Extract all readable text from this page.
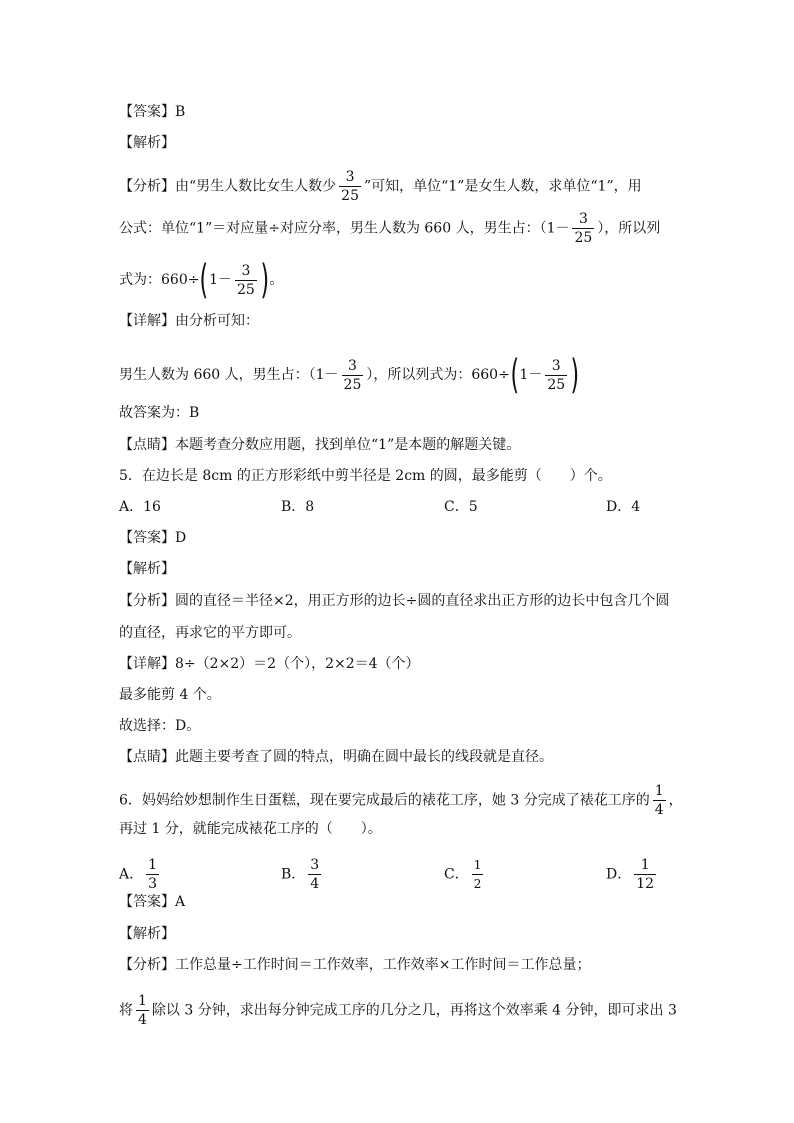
【答案】B
【解析】
【分析】由“男生人数比女生人数少 $\frac{3}{25}$ ”可知，单位“1”是女生人数，求单位“1”，用
公式：单位“1”＝对应量÷对应分率，男生人数为 660 人，男生占：（$1- \frac{3}{25}$ ），所以列
式为：$660\div(1- \frac{3}{25}$ )。
【详解】由分析可知：
男生人数为 660 人，男生占：（$1- \frac{3}{25}$ ），所以列式为：$660\div(1- \frac{3}{25}$ )
故答案为：B
【点睛】本题考查分数应用题，找到单位“1”是本题的解题关键。
5．在边长是 8cm 的正方形彩纸中剪半径是 2cm 的圆，最多能剪（　　）个。
A．16	B．8	C．5	D．4
【答案】D
【解析】
【分析】圆的直径＝半径×2，用正方形的边长÷圆的直径求出正方形的边长中包含几个圆
的直径，再求它的平方即可。
【详解】8÷（2×2）＝2（个），2×2＝4（个）
最多能剪 4 个。
故选择：D。
【点睛】此题主要考查了圆的特点，明确在圆中最长的线段就是直径。
6．妈妈给妙想制作生日蛋糕，现在要完成最后的裱花工序，她 3 分完成了裱花工序的 $\frac{1}{4}$ ，
再过 1 分，就能完成裱花工序的（　　）。
A． $\frac{1}{3}$	B． $\frac{3}{4}$	C． $\frac{1}{2}$	D． $\frac{1}{12}$
【答案】A
【解析】
【分析】工作总量÷工作时间＝工作效率，工作效率×工作时间＝工作总量；
将 $\frac{1}{4}$ 除以 3 分钟，求出每分钟完成工序的几分之几，再将这个效率乘 4 分钟，即可求出 3
